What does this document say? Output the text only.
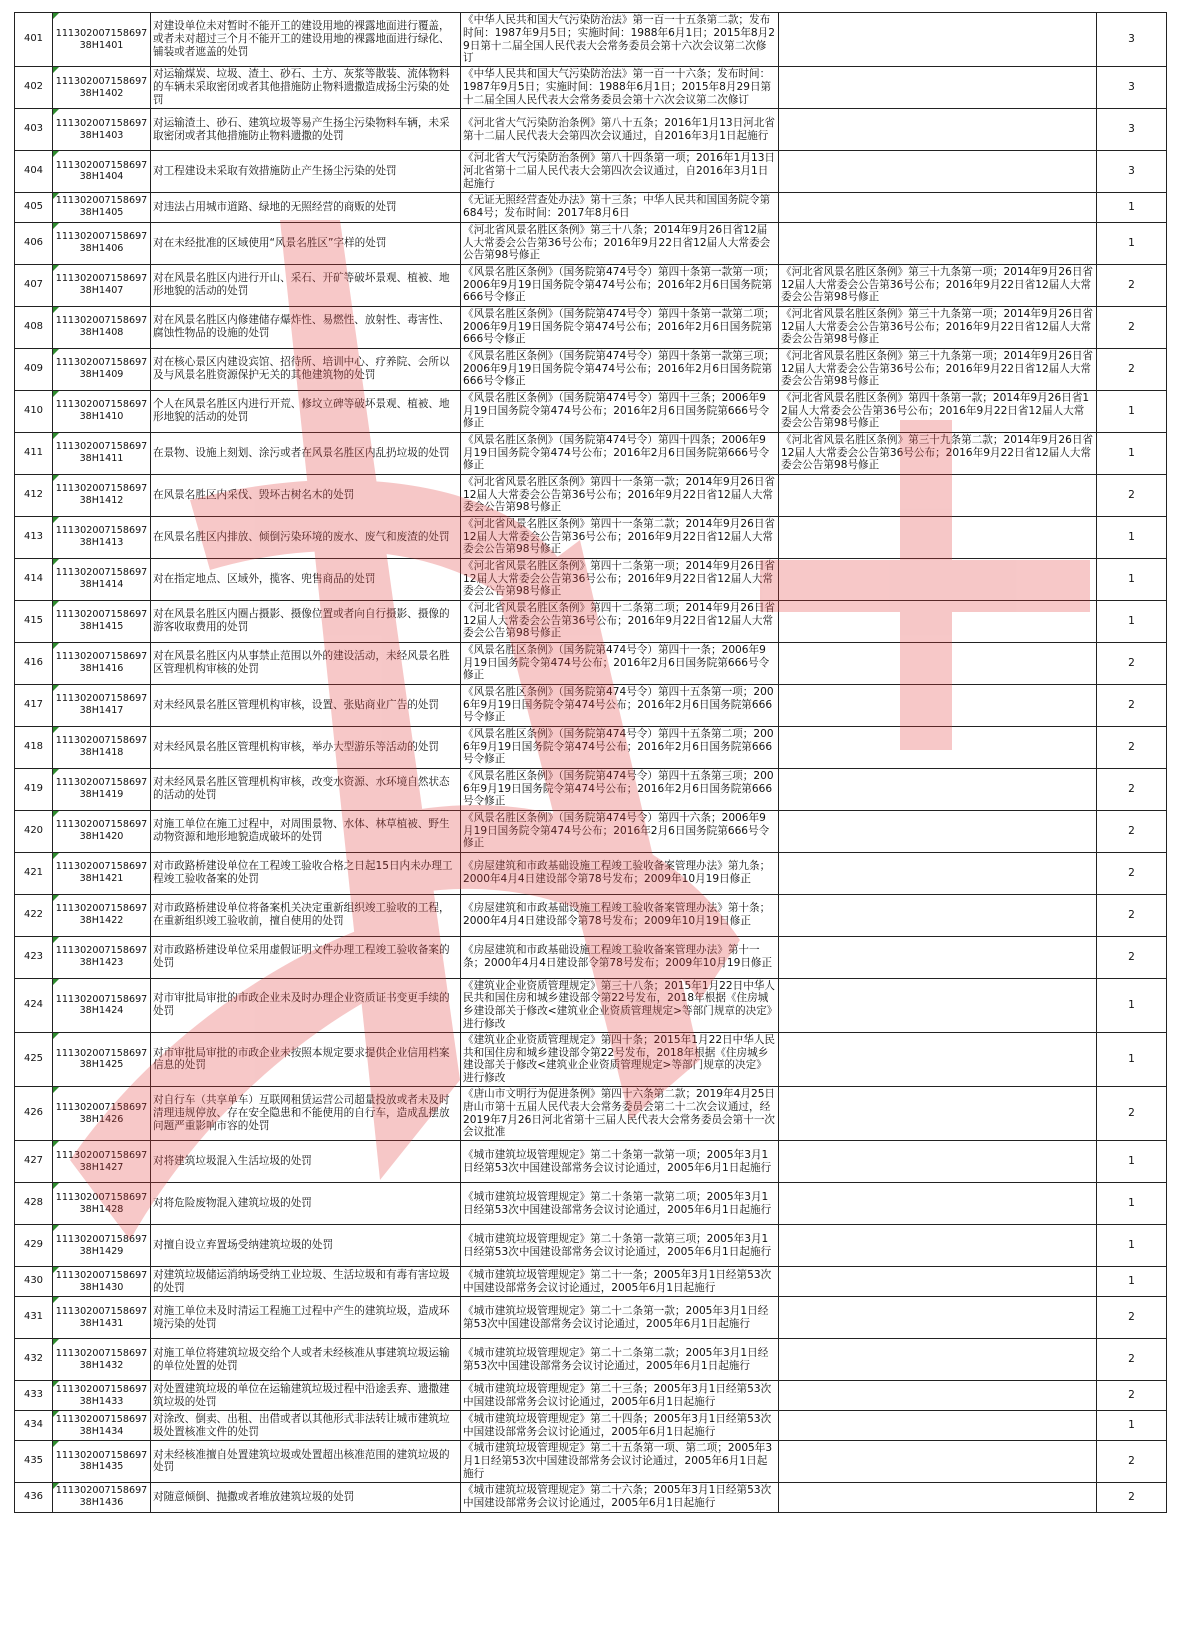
401	11130200715869738H1401	对建设单位未对暂时不能开工的建设用地的裸露地面进行覆盖，或者未对超过三个月不能开工的建设用地的裸露地面进行绿化、铺装或者遮盖的处罚	《中华人民共和国大气污染防治法》第一百一十五条第二款；发布时间：1987年9月5日；实施时间：1988年6月1日；2015年8月29日第十二届全国人民代表大会常务委员会第十六次会议第二次修订		3
402	11130200715869738H1402	对运输煤炭、垃圾、渣土、砂石、土方、灰浆等散装、流体物料的车辆未采取密闭或者其他措施防止物料遗撒造成扬尘污染的处罚	《中华人民共和国大气污染防治法》第一百一十六条；发布时间：1987年9月5日；实施时间：1988年6月1日；2015年8月29日第十二届全国人民代表大会常务委员会第十六次会议第二次修订		3
403	11130200715869738H1403	对运输渣土、砂石、建筑垃圾等易产生扬尘污染物料车辆，未采取密闭或者其他措施防止物料遗撒的处罚	《河北省大气污染防治条例》第八十五条；2016年1月13日河北省第十二届人民代表大会第四次会议通过，自2016年3月1日起施行		3
404	11130200715869738H1404	对工程建设未采取有效措施防止产生扬尘污染的处罚	《河北省大气污染防治条例》第八十四条第一项；2016年1月13日河北省第十二届人民代表大会第四次会议通过，自2016年3月1日起施行		3
405	11130200715869738H1405	对违法占用城市道路、绿地的无照经营的商贩的处罚	《无证无照经营查处办法》第十三条；中华人民共和国国务院令第684号；发布时间：2017年8月6日		1
406	11130200715869738H1406	对在未经批准的区域使用“风景名胜区”字样的处罚	《河北省风景名胜区条例》第三十八条；2014年9月26日省12届人大常委会公告第36号公布；2016年9月22日省12届人大常委会公告第98号修正		1
407	11130200715869738H1407	对在风景名胜区内进行开山、采石、开矿等破坏景观、植被、地形地貌的活动的处罚	《风景名胜区条例》（国务院第474号令）第四十条第一款第一项；2006年9月19日国务院令第474号公布；2016年2月6日国务院第666号令修正	《河北省风景名胜区条例》第三十九条第一项；2014年9月26日省12届人大常委会公告第36号公布；2016年9月22日省12届人大常委会公告第98号修正	2
408	11130200715869738H1408	对在风景名胜区内修建储存爆炸性、易燃性、放射性、毒害性、腐蚀性物品的设施的处罚	《风景名胜区条例》（国务院第474号令）第四十条第一款第二项；2006年9月19日国务院令第474号公布；2016年2月6日国务院第666号令修正	《河北省风景名胜区条例》第三十九条第一项；2014年9月26日省12届人大常委会公告第36号公布；2016年9月22日省12届人大常委会公告第98号修正	2
409	11130200715869738H1409	对在核心景区内建设宾馆、招待所、培训中心、疗养院、会所以及与风景名胜资源保护无关的其他建筑物的处罚	《风景名胜区条例》（国务院第474号令）第四十条第一款第三项；2006年9月19日国务院令第474号公布；2016年2月6日国务院第666号令修正	《河北省风景名胜区条例》第三十九条第一项；2014年9月26日省12届人大常委会公告第36号公布；2016年9月22日省12届人大常委会公告第98号修正	2
410	11130200715869738H1410	个人在风景名胜区内进行开荒、修坟立碑等破坏景观、植被、地形地貌的活动的处罚	《风景名胜区条例》（国务院第474号令）第四十三条；2006年9月19日国务院令第474号公布；2016年2月6日国务院第666号令修正	《河北省风景名胜区条例》第四十条第一款；2014年9月26日省12届人大常委会公告第36号公布；2016年9月22日省12届人大常委会公告第98号修正	1
411	11130200715869738H1411	在景物、设施上刻划、涂污或者在风景名胜区内乱扔垃圾的处罚	《风景名胜区条例》（国务院第474号令）第四十四条；2006年9月19日国务院令第474号公布；2016年2月6日国务院第666号令修正	《河北省风景名胜区条例》第三十九条第二款；2014年9月26日省12届人大常委会公告第36号公布；2016年9月22日省12届人大常委会公告第98号修正	1
412	11130200715869738H1412	在风景名胜区内采伐、毁坏古树名木的处罚	《河北省风景名胜区条例》第四十一条第一款；2014年9月26日省12届人大常委会公告第36号公布；2016年9月22日省12届人大常委会公告第98号修正		2
413	11130200715869738H1413	在风景名胜区内排放、倾倒污染环境的废水、废气和废渣的处罚	《河北省风景名胜区条例》第四十一条第二款；2014年9月26日省12届人大常委会公告第36号公布；2016年9月22日省12届人大常委会公告第98号修正		1
414	11130200715869738H1414	对在指定地点、区域外，揽客、兜售商品的处罚	《河北省风景名胜区条例》第四十二条第一项；2014年9月26日省12届人大常委会公告第36号公布；2016年9月22日省12届人大常委会公告第98号修正		1
415	11130200715869738H1415	对在风景名胜区内圈占摄影、摄像位置或者向自行摄影、摄像的游客收取费用的处罚	《河北省风景名胜区条例》第四十二条第二项；2014年9月26日省12届人大常委会公告第36号公布；2016年9月22日省12届人大常委会公告第98号修正		1
416	11130200715869738H1416	对在风景名胜区内从事禁止范围以外的建设活动，未经风景名胜区管理机构审核的处罚	《风景名胜区条例》（国务院第474号令）第四十一条；2006年9月19日国务院令第474号公布；2016年2月6日国务院第666号令修正		2
417	11130200715869738H1417	对未经风景名胜区管理机构审核，设置、张贴商业广告的处罚	《风景名胜区条例》（国务院第474号令）第四十五条第一项；2006年9月19日国务院令第474号公布；2016年2月6日国务院第666号令修正		2
418	11130200715869738H1418	对未经风景名胜区管理机构审核，举办大型游乐等活动的处罚	《风景名胜区条例》（国务院第474号令）第四十五条第二项；2006年9月19日国务院令第474号公布；2016年2月6日国务院第666号令修正		2
419	11130200715869738H1419	对未经风景名胜区管理机构审核，改变水资源、水环境自然状态的活动的处罚	《风景名胜区条例》（国务院第474号令）第四十五条第三项；2006年9月19日国务院令第474号公布；2016年2月6日国务院第666号令修正		2
420	11130200715869738H1420	对施工单位在施工过程中，对周围景物、水体、林草植被、野生动物资源和地形地貌造成破坏的处罚	《风景名胜区条例》（国务院第474号令）第四十六条；2006年9月19日国务院令第474号公布；2016年2月6日国务院第666号令修正		2
421	11130200715869738H1421	对市政路桥建设单位在工程竣工验收合格之日起15日内未办理工程竣工验收备案的处罚	《房屋建筑和市政基础设施工程竣工验收备案管理办法》第九条；2000年4月4日建设部令第78号发布；2009年10月19日修正		2
422	11130200715869738H1422	对市政路桥建设单位将备案机关决定重新组织竣工验收的工程，在重新组织竣工验收前，擅自使用的处罚	《房屋建筑和市政基础设施工程竣工验收备案管理办法》第十条；2000年4月4日建设部令第78号发布；2009年10月19日修正		2
423	11130200715869738H1423	对市政路桥建设单位采用虚假证明文件办理工程竣工验收备案的处罚	《房屋建筑和市政基础设施工程竣工验收备案管理办法》第十一条；2000年4月4日建设部令第78号发布；2009年10月19日修正		2
424	11130200715869738H1424	对市审批局审批的市政企业未及时办理企业资质证书变更手续的处罚	《建筑业企业资质管理规定》第三十八条；2015年1月22日中华人民共和国住房和城乡建设部令第22号发布，2018年根据《住房城乡建设部关于修改<建筑业企业资质管理规定>等部门规章的决定》进行修改		1
425	11130200715869738H1425	对市审批局审批的市政企业未按照本规定要求提供企业信用档案信息的处罚	《建筑业企业资质管理规定》第四十条；2015年1月22日中华人民共和国住房和城乡建设部令第22号发布，2018年根据《住房城乡建设部关于修改<建筑业企业资质管理规定>等部门规章的决定》进行修改		1
426	11130200715869738H1426	对自行车（共享单车）互联网租赁运营公司超量投放或者未及时清理违规停放、存在安全隐患和不能使用的自行车，造成乱摆放问题严重影响市容的处罚	《唐山市文明行为促进条例》第四十六条第二款；2019年4月25日唐山市第十五届人民代表大会常务委员会第二十二次会议通过，经2019年7月26日河北省第十三届人民代表大会常务委员会第十一次会议批准		2
427	11130200715869738H1427	对将建筑垃圾混入生活垃圾的处罚	《城市建筑垃圾管理规定》第二十条第一款第一项；2005年3月1日经第53次中国建设部常务会议讨论通过，2005年6月1日起施行		1
428	11130200715869738H1428	对将危险废物混入建筑垃圾的处罚	《城市建筑垃圾管理规定》第二十条第一款第二项；2005年3月1日经第53次中国建设部常务会议讨论通过，2005年6月1日起施行		1
429	11130200715869738H1429	对擅自设立弃置场受纳建筑垃圾的处罚	《城市建筑垃圾管理规定》第二十条第一款第三项；2005年3月1日经第53次中国建设部常务会议讨论通过，2005年6月1日起施行		1
430	11130200715869738H1430	对建筑垃圾储运消纳场受纳工业垃圾、生活垃圾和有毒有害垃圾的处罚	《城市建筑垃圾管理规定》第二十一条；2005年3月1日经第53次中国建设部常务会议讨论通过，2005年6月1日起施行		1
431	11130200715869738H1431	对施工单位未及时清运工程施工过程中产生的建筑垃圾，造成环境污染的处罚	《城市建筑垃圾管理规定》第二十二条第一款；2005年3月1日经第53次中国建设部常务会议讨论通过，2005年6月1日起施行		2
432	11130200715869738H1432	对施工单位将建筑垃圾交给个人或者未经核准从事建筑垃圾运输的单位处置的处罚	《城市建筑垃圾管理规定》第二十二条第二款；2005年3月1日经第53次中国建设部常务会议讨论通过，2005年6月1日起施行		2
433	11130200715869738H1433	对处置建筑垃圾的单位在运输建筑垃圾过程中沿途丢弃、遗撒建筑垃圾的处罚	《城市建筑垃圾管理规定》第二十三条；2005年3月1日经第53次中国建设部常务会议讨论通过，2005年6月1日起施行		2
434	11130200715869738H1434	对涂改、倒卖、出租、出借或者以其他形式非法转让城市建筑垃圾处置核准文件的处罚	《城市建筑垃圾管理规定》第二十四条；2005年3月1日经第53次中国建设部常务会议讨论通过，2005年6月1日起施行		1
435	11130200715869738H1435	对未经核准擅自处置建筑垃圾或处置超出核准范围的建筑垃圾的处罚	《城市建筑垃圾管理规定》第二十五条第一项、第二项；2005年3月1日经第53次中国建设部常务会议讨论通过，2005年6月1日起施行		2
436	11130200715869738H1436	对随意倾倒、抛撒或者堆放建筑垃圾的处罚	《城市建筑垃圾管理规定》第二十六条；2005年3月1日经第53次中国建设部常务会议讨论通过，2005年6月1日起施行		2
